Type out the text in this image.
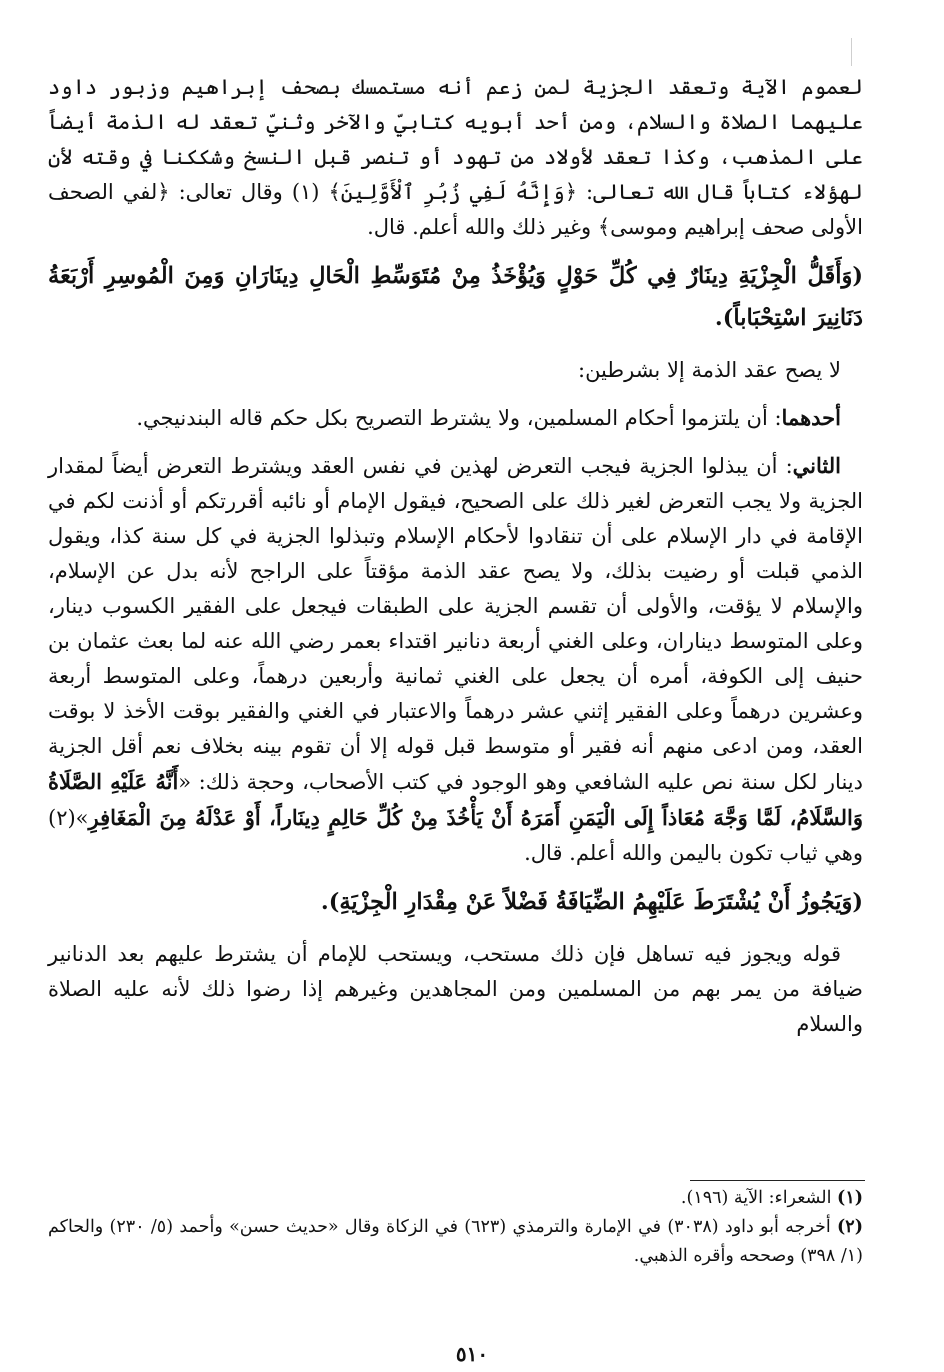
لعموم الآية وتعقد الجزية لمن زعم أنه مستمسك بصحف إبراهيم وزبور داود عليهما الصلاة والسلام، ومن أحد أبويه كتابيّ والآخر وثنيّ تعقد له الذمة أيضاً على المذهب، وكذا تعقد لأولاد من تهود أو تنصر قبل النسخ وشككنا في وقته لأن لهؤلاء كتاباً قال الله تعالى: ﴿وَإِنَّهُ لَفِي زُبُرِ ٱلْأَوَّلِينَ﴾ (١) وقال تعالى: ﴿لفي الصحف الأولى صحف إبراهيم وموسى﴾ وغير ذلك والله أعلم. قال.

(وَأَقَلُّ الْجِزْيَةِ دِينَارٌ فِي كُلِّ حَوْلٍ وَيُؤْخَذُ مِنْ مُتَوَسِّطِ الْحَالِ دِينَارَانِ وَمِنَ الْمُوسِرِ أَرْبَعَةُ دَنَانِيرَ اسْتِحْبَاباً).

لا يصح عقد الذمة إلا بشرطين:

أحدهما: أن يلتزموا أحكام المسلمين، ولا يشترط التصريح بكل حكم قاله البندنيجي.

الثاني: أن يبذلوا الجزية فيجب التعرض لهذين في نفس العقد ويشترط التعرض أيضاً لمقدار الجزية ولا يجب التعرض لغير ذلك على الصحيح، فيقول الإمام أو نائبه أقررتكم أو أذنت لكم في الإقامة في دار الإسلام على أن تنقادوا لأحكام الإسلام وتبذلوا الجزية في كل سنة كذا، ويقول الذمي قبلت أو رضيت بذلك، ولا يصح عقد الذمة مؤقتاً على الراجح لأنه بدل عن الإسلام، والإسلام لا يؤقت، والأولى أن تقسم الجزية على الطبقات فيجعل على الفقير الكسوب دينار، وعلى المتوسط ديناران، وعلى الغني أربعة دنانير اقتداء بعمر رضي الله عنه لما بعث عثمان بن حنيف إلى الكوفة، أمره أن يجعل على الغني ثمانية وأربعين درهماً، وعلى المتوسط أربعة وعشرين درهماً وعلى الفقير إثني عشر درهماً والاعتبار في الغني والفقير بوقت الأخذ لا بوقت العقد، ومن ادعى منهم أنه فقير أو متوسط قبل قوله إلا أن تقوم بينه بخلاف نعم أقل الجزية دينار لكل سنة نص عليه الشافعي وهو الوجود في كتب الأصحاب، وحجة ذلك: «أَنَّهُ عَلَيْهِ الصَّلَاةُ وَالسَّلَامُ، لَمَّا وَجَّهَ مُعَاذاً إِلَى الْيَمَنِ أَمَرَهُ أَنْ يَأْخُذَ مِنْ كُلِّ حَالِمٍ دِينَاراً، أَوْ عَدْلَهُ مِنَ الْمَغَافِرِ»(٢) وهي ثياب تكون باليمن والله أعلم. قال.

(وَيَجُوزُ أَنْ يُشْتَرَطَ عَلَيْهِمُ الضِّيَافَةُ فَضْلاً عَنْ مِقْدَارِ الْجِزْيَةِ).

قوله ويجوز فيه تساهل فإن ذلك مستحب، ويستحب للإمام أن يشترط عليهم بعد الدنانير ضيافة من يمر بهم من المسلمين ومن المجاهدين وغيرهم إذا رضوا ذلك لأنه عليه الصلاة والسلام

(١) الشعراء: الآية (١٩٦).

(٢) أخرجه أبو داود (٣٠٣٨) في الإمارة والترمذي (٦٢٣) في الزكاة وقال «حديث حسن» وأحمد (٥/ ٢٣٠) والحاكم (١/ ٣٩٨) وصححه وأقره الذهبي.

٥١٠
